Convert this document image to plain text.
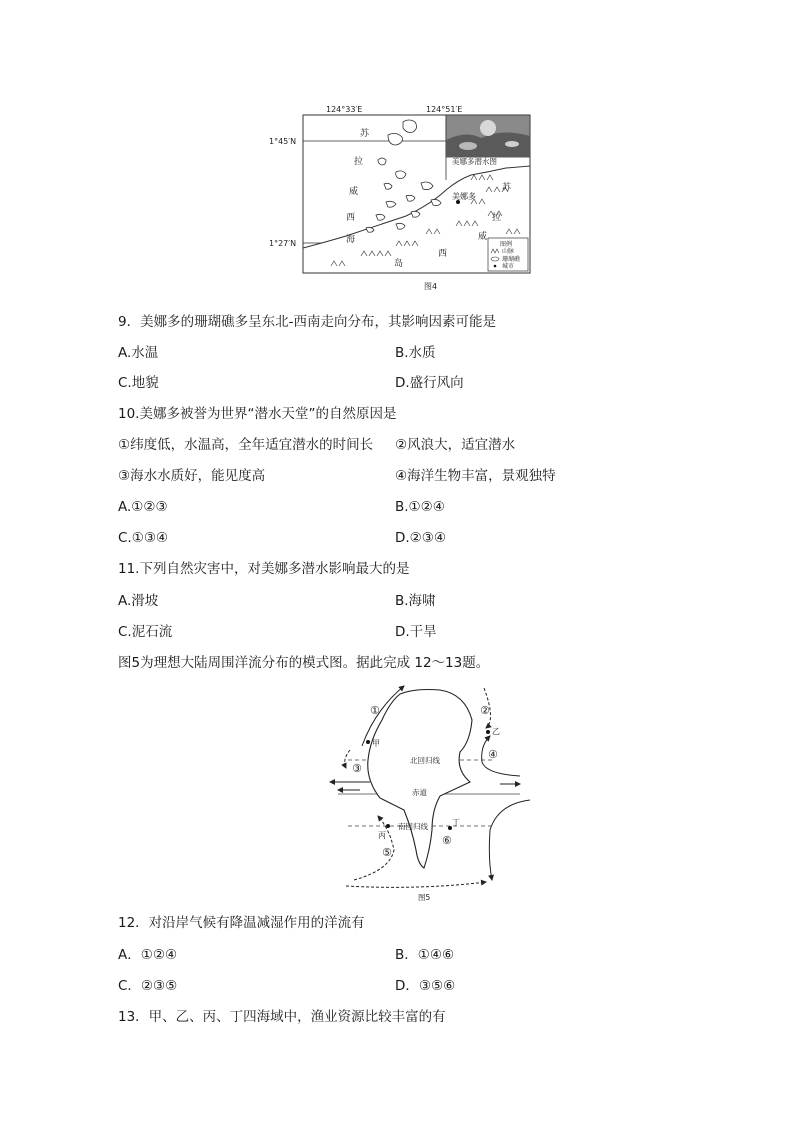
124°33′E	124°51′E
1°45′N
1°27′N
美娜多潜水图
美娜多
苏
拉
威
西
海
苏
拉
威
西
岛
图例
山脉
珊瑚礁
城市
图4
9．美娜多的珊瑚礁多呈东北-西南走向分布，其影响因素可能是
A.水温	B.水质
C.地貌	D.盛行风向
10.美娜多被誉为世界“潜水天堂”的自然原因是
①纬度低，水温高，全年适宜潜水的时间长 ②风浪大，适宜潜水
③海水水质好，能见度高	④海洋生物丰富，景观独特
A.①②③	B.①②④
C.①③④	D.②③④
11.下列自然灾害中，对美娜多潜水影响最大的是
A.滑坡	B.海啸
C.泥石流	D.干旱
图5为理想大陆周围洋流分布的模式图。据此完成 12～13题。
北回归线
赤道
南回归线
甲
乙
丙
丁
①	②
③
④
⑤
⑥
图5
12．对沿岸气候有降温减湿作用的洋流有
A．①②④	B．①④⑥
C．②③⑤	D．③⑤⑥
13．甲、乙、丙、丁四海域中，渔业资源比较丰富的有
